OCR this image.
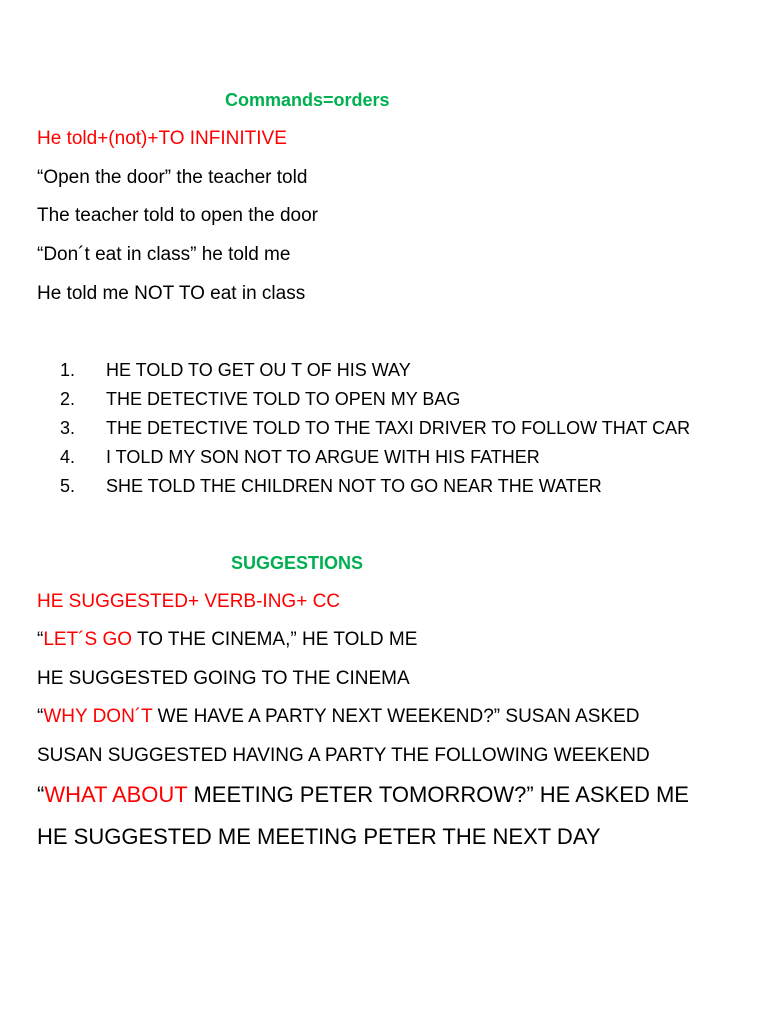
Commands=orders
He told+(not)+TO INFINITIVE
“Open the door” the teacher told
The teacher told to open the door
“Don´t eat in class” he told me
He told me NOT TO eat in class
1. HE TOLD TO GET OU T OF HIS WAY
2. THE DETECTIVE TOLD TO OPEN MY BAG
3. THE DETECTIVE TOLD TO THE TAXI DRIVER TO FOLLOW THAT CAR
4. I TOLD MY SON NOT TO ARGUE WITH HIS FATHER
5. SHE TOLD THE CHILDREN NOT TO GO NEAR THE WATER
SUGGESTIONS
HE SUGGESTED+ VERB-ING+ CC
“LET´S GO TO THE CINEMA,” HE TOLD ME
HE SUGGESTED GOING TO THE CINEMA
“WHY DON´T WE HAVE A PARTY NEXT WEEKEND?” SUSAN ASKED
SUSAN SUGGESTED HAVING A PARTY THE FOLLOWING WEEKEND
“WHAT ABOUT MEETING PETER TOMORROW?” HE ASKED ME
HE SUGGESTED ME MEETING PETER THE NEXT DAY
